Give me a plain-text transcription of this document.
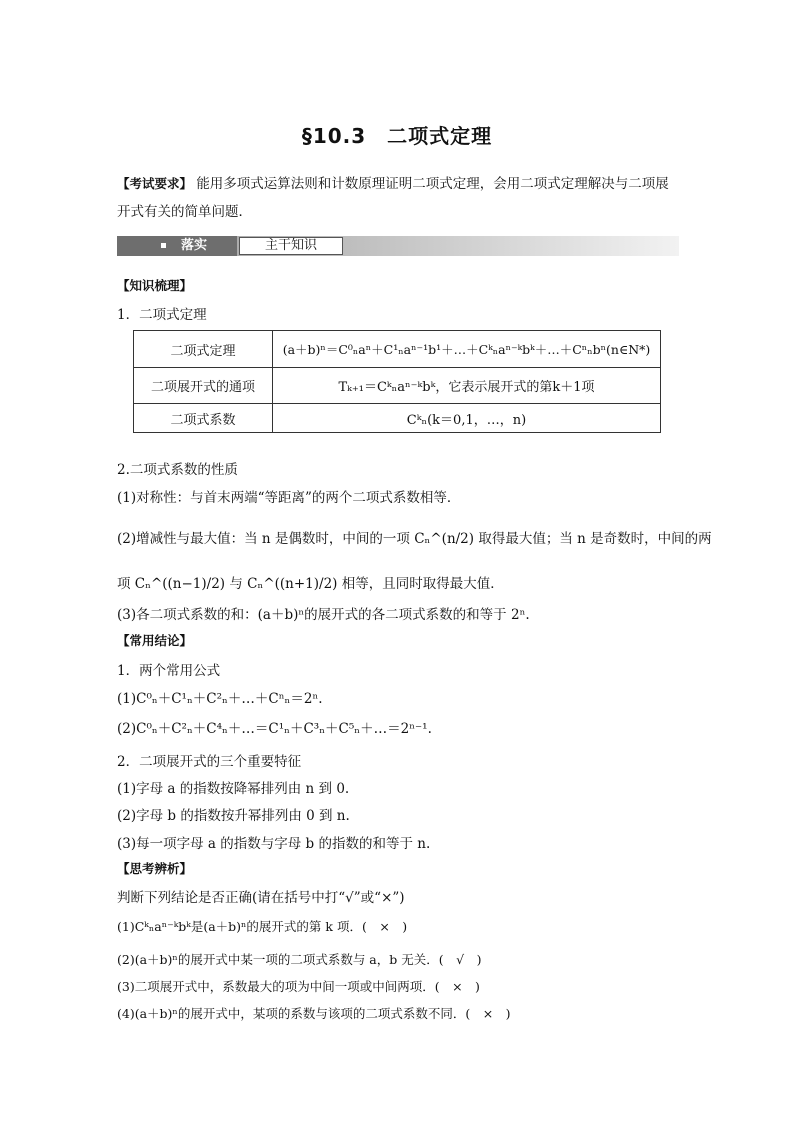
§10.3　二项式定理
【考试要求】 能用多项式运算法则和计数原理证明二项式定理，会用二项式定理解决与二项展开式有关的简单问题．
落实	主干知识
【知识梳理】
1．二项式定理
二项式定理	(a＋b)ⁿ＝C⁰ₙaⁿ＋C¹ₙaⁿ⁻¹b¹＋…＋Cᵏₙaⁿ⁻ᵏbᵏ＋…＋Cⁿₙbⁿ(n∈N*)
二项展开式的通项	Tₖ₊₁＝Cᵏₙaⁿ⁻ᵏbᵏ，它表示展开式的第k＋1项
二项式系数	Cᵏₙ(k＝0,1，…，n)
2.二项式系数的性质
(1)对称性：与首末两端“等距离”的两个二项式系数相等．
(2)增减性与最大值：当 n 是偶数时，中间的一项 Cₙ^(n/2) 取得最大值；当 n 是奇数时，中间的两
项 Cₙ^((n−1)/2) 与 Cₙ^((n+1)/2) 相等，且同时取得最大值．
(3)各二项式系数的和：(a＋b)ⁿ的展开式的各二项式系数的和等于 2ⁿ.
【常用结论】
1．两个常用公式
(1)C⁰ₙ＋C¹ₙ＋C²ₙ＋…＋Cⁿₙ＝2ⁿ.
(2)C⁰ₙ＋C²ₙ＋C⁴ₙ＋…＝C¹ₙ＋C³ₙ＋C⁵ₙ＋…＝2ⁿ⁻¹.
2．二项展开式的三个重要特征
(1)字母 a 的指数按降幂排列由 n 到 0.
(2)字母 b 的指数按升幂排列由 0 到 n.
(3)每一项字母 a 的指数与字母 b 的指数的和等于 n.
【思考辨析】
判断下列结论是否正确(请在括号中打“√”或“×”)
(1)Cᵏₙaⁿ⁻ᵏbᵏ是(a＋b)ⁿ的展开式的第 k 项．(　×　)
(2)(a＋b)ⁿ的展开式中某一项的二项式系数与 a，b 无关．(　√　)
(3)二项展开式中，系数最大的项为中间一项或中间两项．(　×　)
(4)(a＋b)ⁿ的展开式中，某项的系数与该项的二项式系数不同．(　×　)
